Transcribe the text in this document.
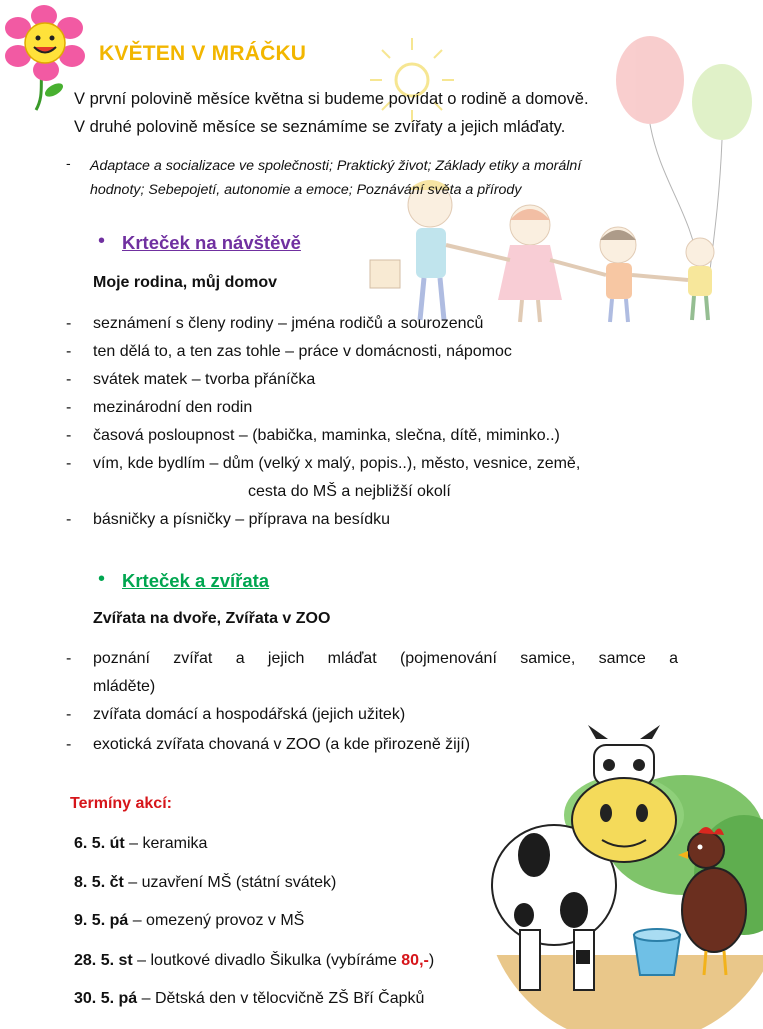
KVĚTEN V MRÁČKU
V první polovině měsíce května si budeme povídat o rodině a domově.
V druhé polovině měsíce se seznámíme se zvířaty a jejich mláďaty.
- Adaptace a socializace ve společnosti; Praktický život; Základy etiky a morální
hodnoty; Sebepojetí, autonomie a emoce; Poznávání světa a přírody
• Krteček na návštěvě
Moje rodina, můj domov
- seznámení s členy rodiny – jména rodičů a sourozenců
- ten dělá to, a ten zas tohle – práce v domácnosti, nápomoc
- svátek matek – tvorba přáníčka
- mezinárodní den rodin
- časová posloupnost – (babička, maminka, slečna, dítě, miminko..)
- vím, kde bydlím – dům (velký x malý, popis..), město, vesnice, země,
cesta do MŠ a nejbližší okolí
- básničky a písničky – příprava na besídku
• Krteček a zvířata
Zvířata na dvoře, Zvířata v ZOO
- poznání zvířat a jejich mláďat (pojmenování samice, samce a
mláděte)
- zvířata domácí a hospodářská (jejich užitek)
- exotická zvířata chovaná v ZOO (a kde přirozeně žijí)
Termíny akcí:
6. 5. út – keramika
8. 5. čt – uzavření MŠ (státní svátek)
9. 5. pá – omezený provoz v MŠ
28. 5. st – loutkové divadlo Šikulka (vybíráme 80,-)
30. 5. pá – Dětská den v tělocvičně ZŠ Bří Čapků
